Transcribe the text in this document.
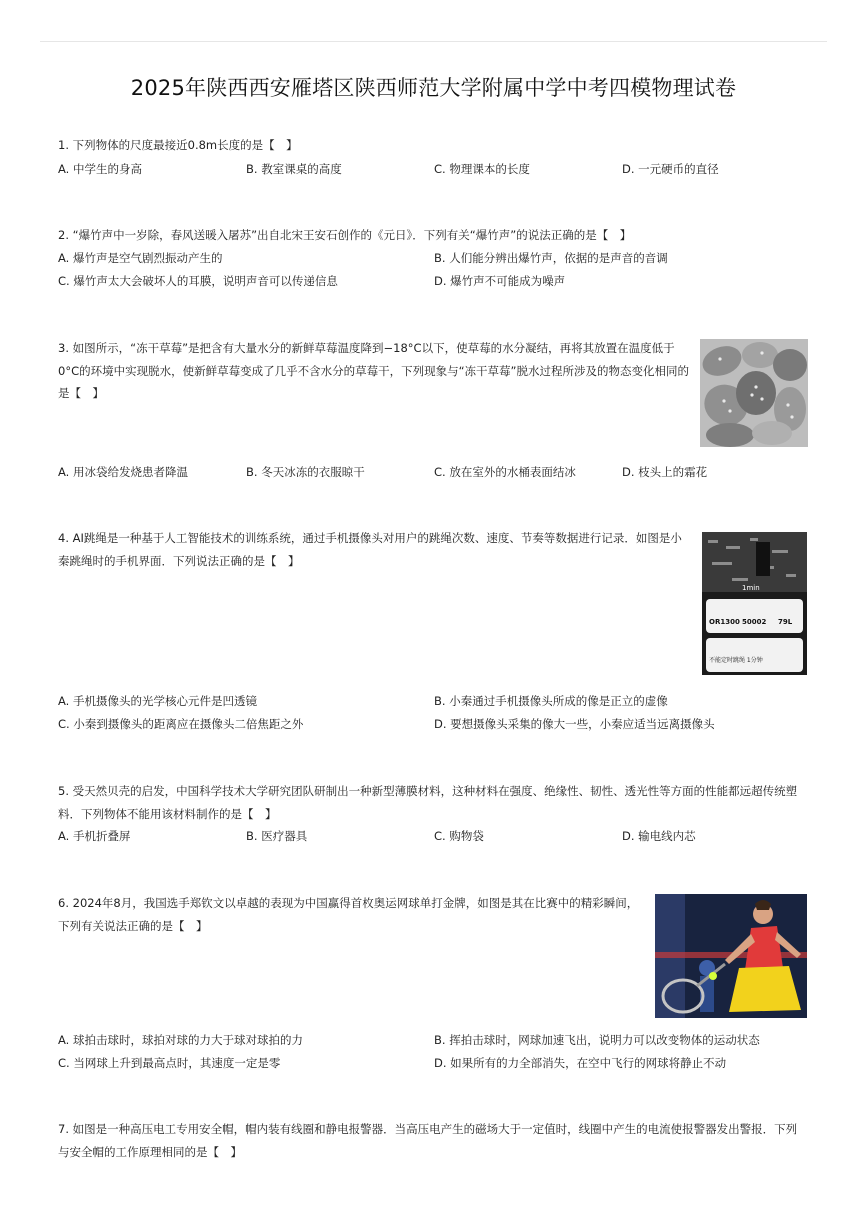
2025年陕西西安雁塔区陕西师范大学附属中学中考四模物理试卷
1. 下列物体的尺度最接近0.8m长度的是【　】
A. 中学生的身高	B. 教室课桌的高度	C. 物理课本的长度	D. 一元硬币的直径
2. “爆竹声中一岁除，春风送暖入屠苏”出自北宋王安石创作的《元日》．下列有关“爆竹声”的说法正确的是【　】
A. 爆竹声是空气剧烈振动产生的	B. 人们能分辨出爆竹声，依据的是声音的音调
C. 爆竹声太大会破坏人的耳膜，说明声音可以传递信息	D. 爆竹声不可能成为噪声
3. 如图所示，“冻干草莓”是把含有大量水分的新鲜草莓温度降到−18°C以下，使草莓的水分凝结，再将其放置在温度低于0°C的环境中实现脱水，使新鲜草莓变成了几乎不含水分的草莓干，下列现象与“冻干草莓”脱水过程所涉及的物态变化相同的是【　】
A. 用冰袋给发烧患者降温	B. 冬天冰冻的衣服晾干	C. 放在室外的水桶表面结冰	D. 枝头上的霜花
4. AI跳绳是一种基于人工智能技术的训练系统，通过手机摄像头对用户的跳绳次数、速度、节奏等数据进行记录．如图是小秦跳绳时的手机界面．下列说法正确的是【　】
1min
OR1300 50002 79L
不能定时跳绳 1分钟
A. 手机摄像头的光学核心元件是凹透镜	B. 小秦通过手机摄像头所成的像是正立的虚像
C. 小秦到摄像头的距离应在摄像头二倍焦距之外	D. 要想摄像头采集的像大一些，小秦应适当远离摄像头
5. 受天然贝壳的启发，中国科学技术大学研究团队研制出一种新型薄膜材料，这种材料在强度、绝缘性、韧性、透光性等方面的性能都远超传统塑料．下列物体不能用该材料制作的是【　】
A. 手机折叠屏	B. 医疗器具	C. 购物袋	D. 输电线内芯
6. 2024年8月，我国选手郑钦文以卓越的表现为中国赢得首枚奥运网球单打金牌，如图是其在比赛中的精彩瞬间，下列有关说法正确的是【　】
A. 球拍击球时，球拍对球的力大于球对球拍的力	B. 挥拍击球时，网球加速飞出，说明力可以改变物体的运动状态
C. 当网球上升到最高点时，其速度一定是零	D. 如果所有的力全部消失，在空中飞行的网球将静止不动
7. 如图是一种高压电工专用安全帽，帽内装有线圈和静电报警器．当高压电产生的磁场大于一定值时，线圈中产生的电流使报警器发出警报．下列与安全帽的工作原理相同的是【　】
